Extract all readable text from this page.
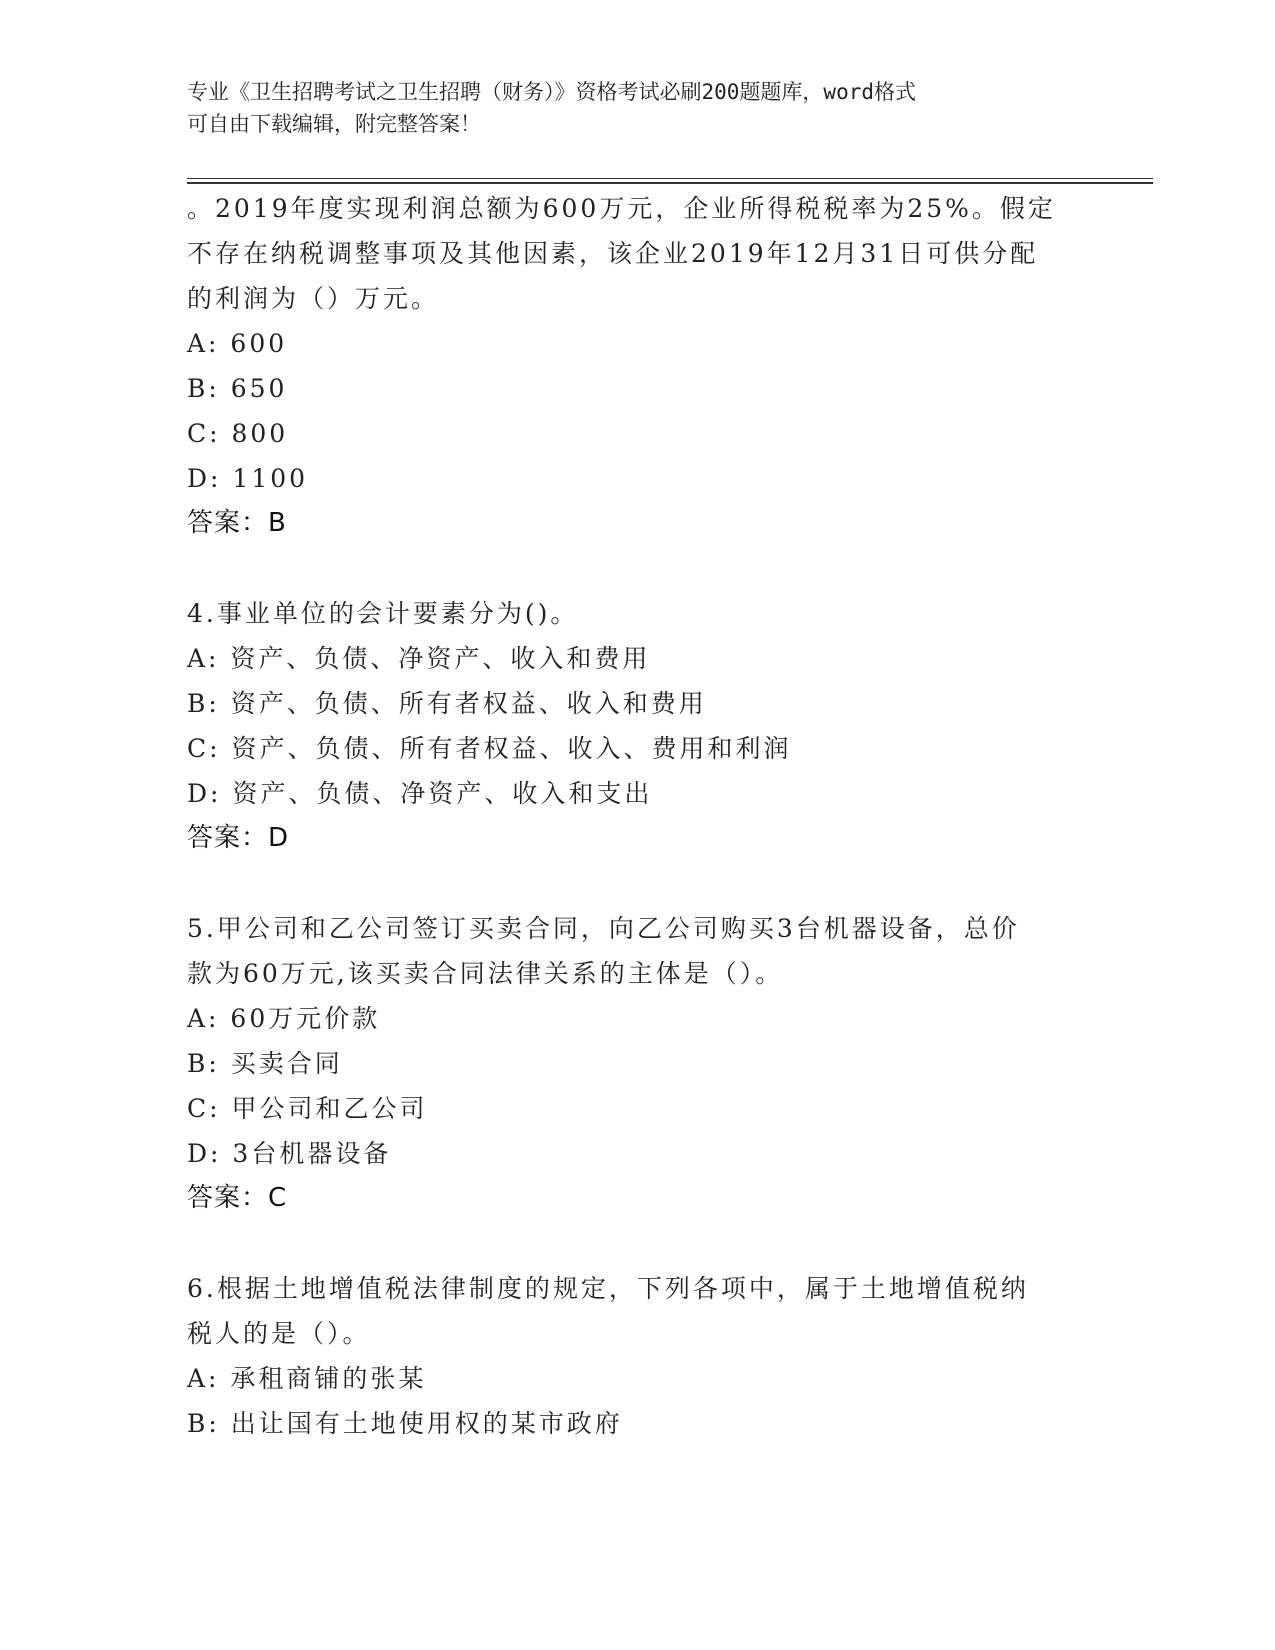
专业《卫生招聘考试之卫生招聘（财务）》资格考试必刷200题题库，word格式
可自由下载编辑，附完整答案！
。2019年度实现利润总额为600万元，企业所得税税率为25%。假定
不存在纳税调整事项及其他因素，该企业2019年12月31日可供分配
的利润为（）万元。
A: 600
B: 650
C: 800
D: 1100
答案：B
4.事业单位的会计要素分为()。
A: 资产、负债、净资产、收入和费用
B: 资产、负债、所有者权益、收入和费用
C: 资产、负债、所有者权益、收入、费用和利润
D: 资产、负债、净资产、收入和支出
答案：D
5.甲公司和乙公司签订买卖合同，向乙公司购买3台机器设备，总价
款为60万元,该买卖合同法律关系的主体是（）。
A: 60万元价款
B: 买卖合同
C: 甲公司和乙公司
D: 3台机器设备
答案：C
6.根据土地增值税法律制度的规定，下列各项中，属于土地增值税纳
税人的是（）。
A: 承租商铺的张某
B: 出让国有土地使用权的某市政府
